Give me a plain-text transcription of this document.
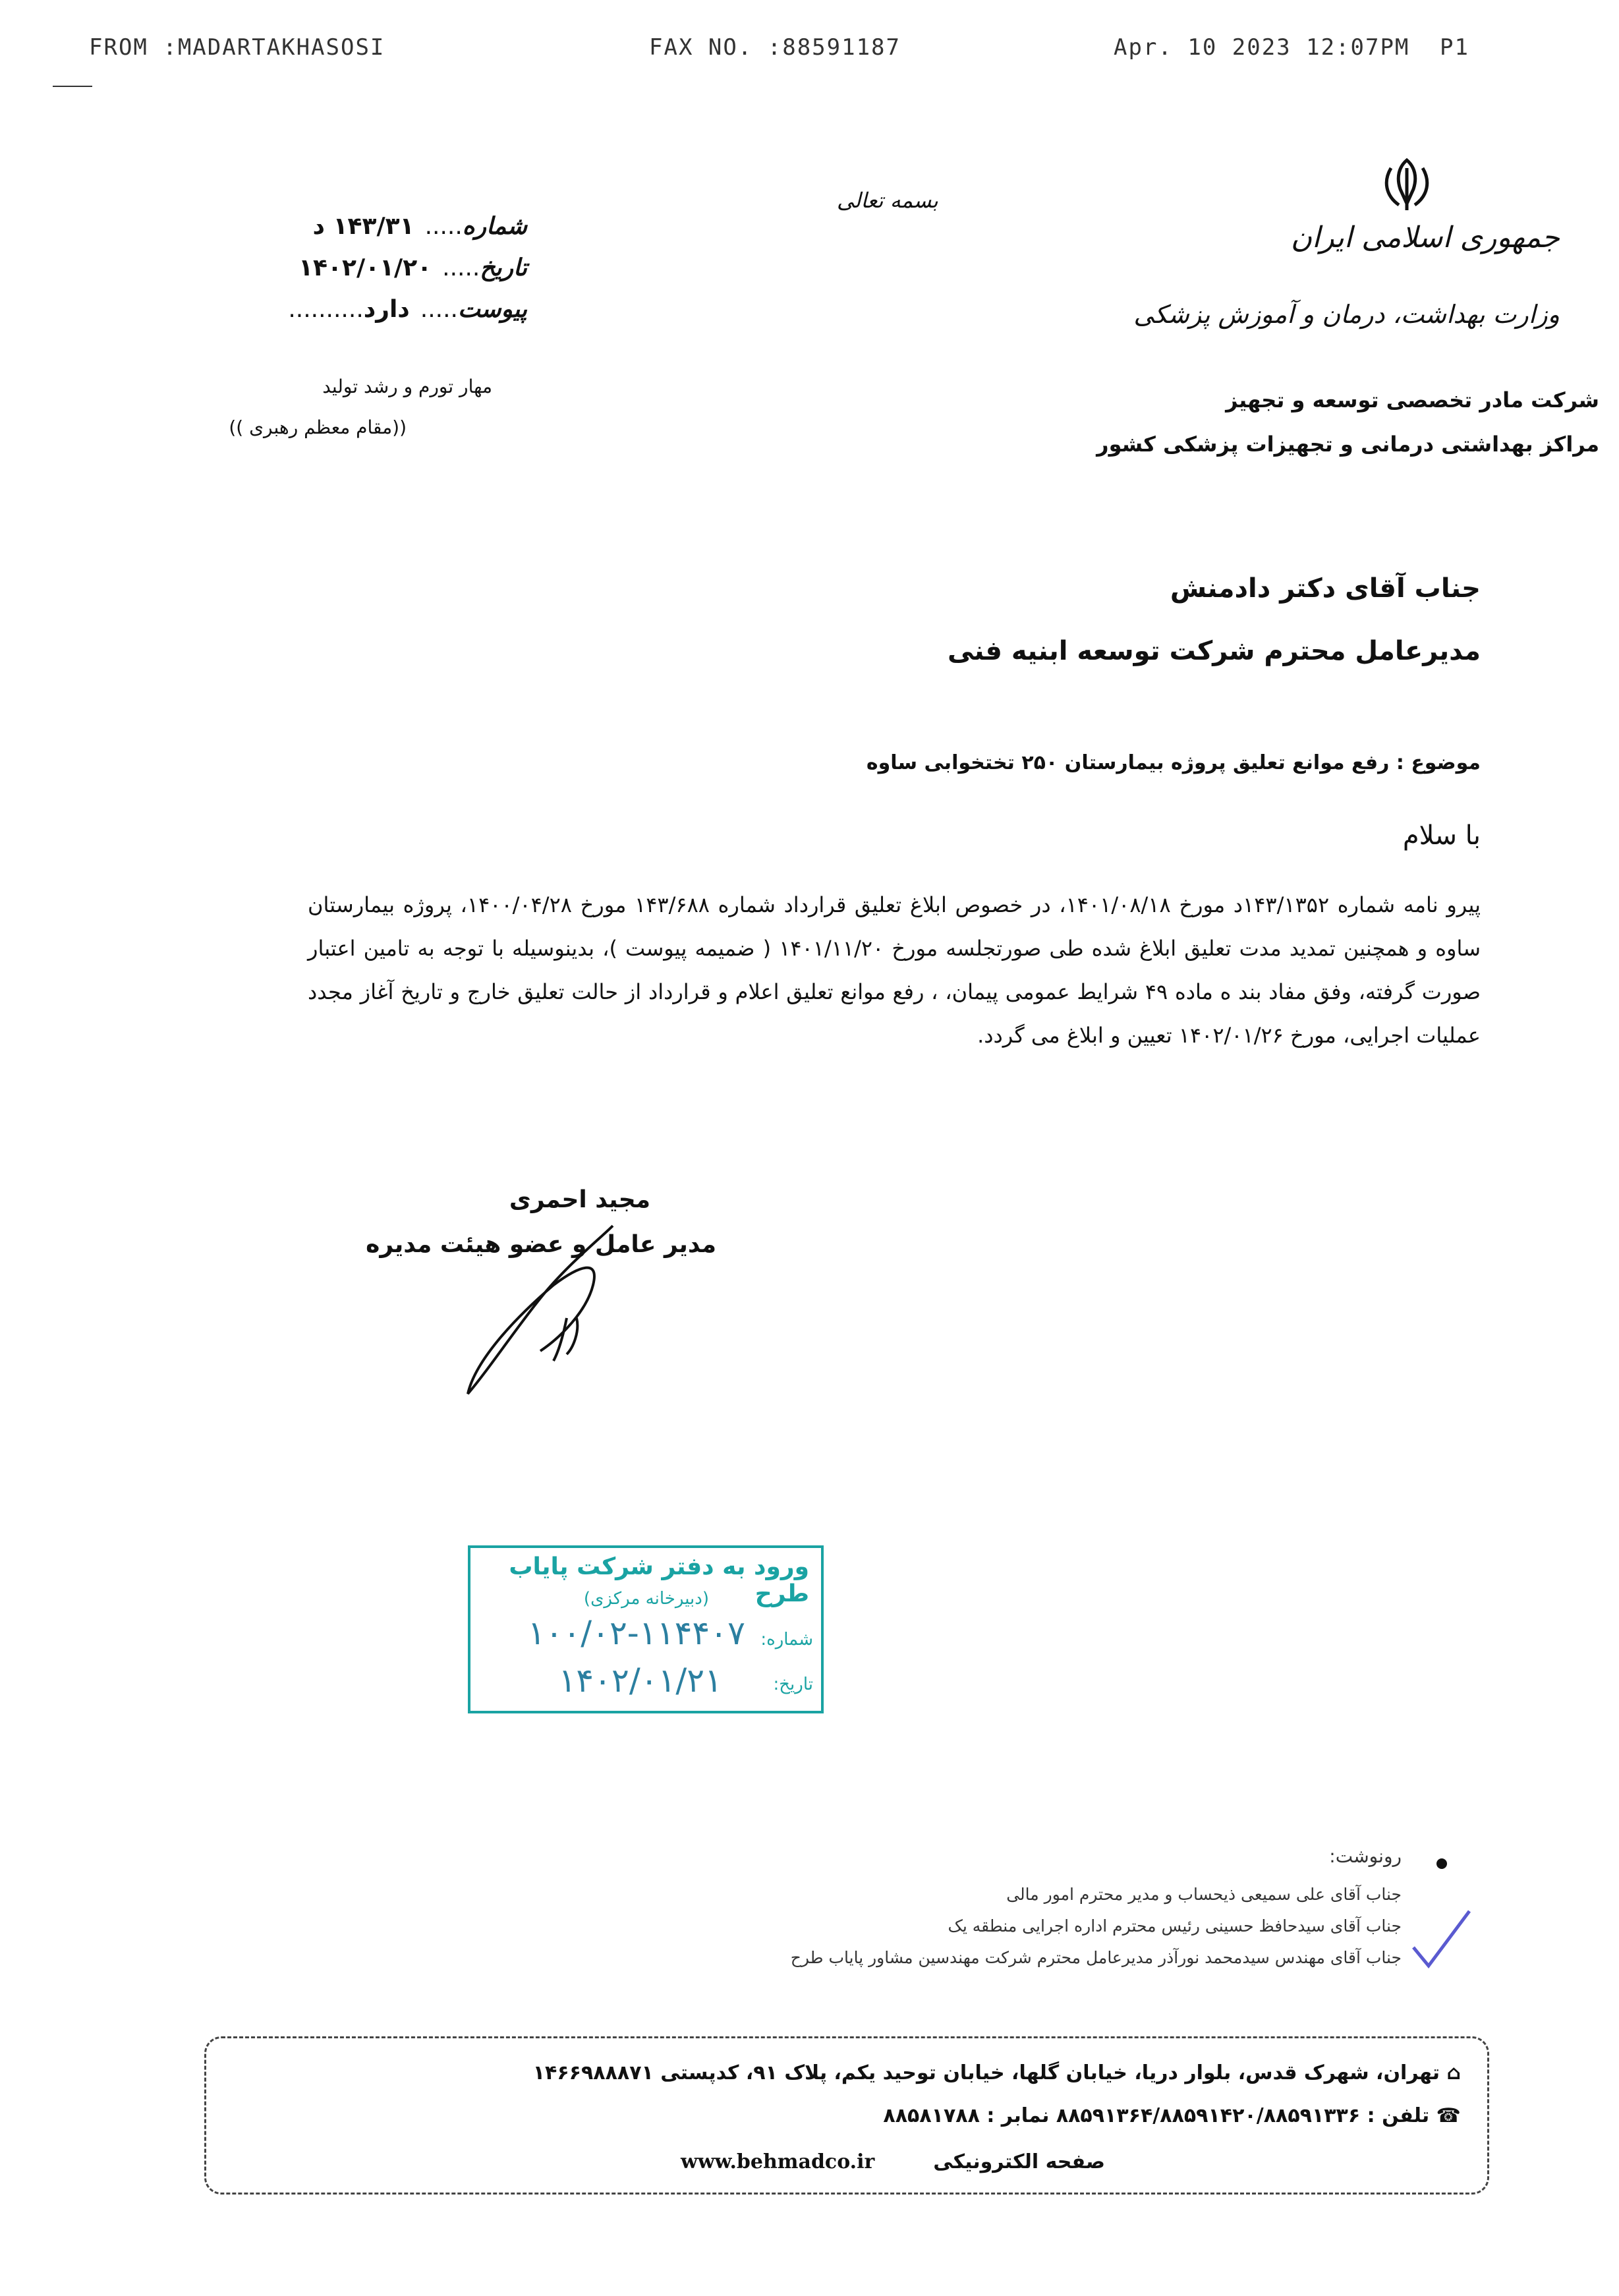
FROM :MADARTAKHASOSI	FAX NO. :88591187	Apr. 10 2023 12:07PM P1
بسمه تعالی
جمهوری اسلامی ایران
وزارت بهداشت، درمان و آموزش پزشکی
شرکت مادر تخصصی توسعه و تجهیز
مراکز بهداشتی درمانی و تجهیزات پزشکی کشور
شماره.....۱۴۳/۳۱ د
تاریخ.....۱۴۰۲/۰۱/۲۰
پیوست.....دارد..........
مهار تورم و رشد تولید
((مقام معظم رهبری ))
جناب آقای دکتر دادمنش
مدیرعامل محترم شرکت توسعه ابنیه فنی
موضوع : رفع موانع تعلیق پروژه بیمارستان ۲۵۰ تختخوابی ساوه
با سلام
پیرو نامه شماره ۱۴۳/۱۳۵۲د مورخ ۱۴۰۱/۰۸/۱۸، در خصوص ابلاغ تعلیق قرارداد شماره ۱۴۳/۶۸۸ مورخ ۱۴۰۰/۰۴/۲۸، پروژه بیمارستان ساوه و همچنین تمدید مدت تعلیق ابلاغ شده طی صورتجلسه مورخ ۱۴۰۱/۱۱/۲۰ ( ضمیمه پیوست )، بدینوسیله با توجه به تامین اعتبار صورت گرفته، وفق مفاد بند ه ماده ۴۹ شرایط عمومی پیمان، ، رفع موانع تعلیق اعلام و قرارداد از حالت تعلیق خارج و تاریخ آغاز مجدد عملیات اجرایی، مورخ ۱۴۰۲/۰۱/۲۶ تعیین و ابلاغ می گردد.
مجید احمری
مدیر عامل و عضو هیئت مدیره
ورود به دفتر شرکت پایاب طرح
(دبیرخانه مرکزی)
شماره:
۱۰۰/۰۲-۱۱۴۴۰۷
تاریخ:
۱۴۰۲/۰۱/۲۱
رونوشت:
جناب آقای علی سمیعی ذیحساب و مدیر محترم امور مالی
جناب آقای سیدحافظ حسینی رئیس محترم اداره اجرایی منطقه یک
جناب آقای مهندس سیدمحمد نورآذر مدیرعامل محترم شرکت مهندسین مشاور پایاب طرح
⌂ تهران، شهرک قدس، بلوار دریا، خیابان گلها، خیابان توحید یکم، پلاک ۹۱، کدپستی ۱۴۶۶۹۸۸۸۷۱
☎ تلفن : ۸۸۵۹۱۳۶۴/۸۸۵۹۱۴۲۰/۸۸۵۹۱۳۳۶ نمابر : ۸۸۵۸۱۷۸۸
صفحه الکترونیکی
www.behmadco.ir
